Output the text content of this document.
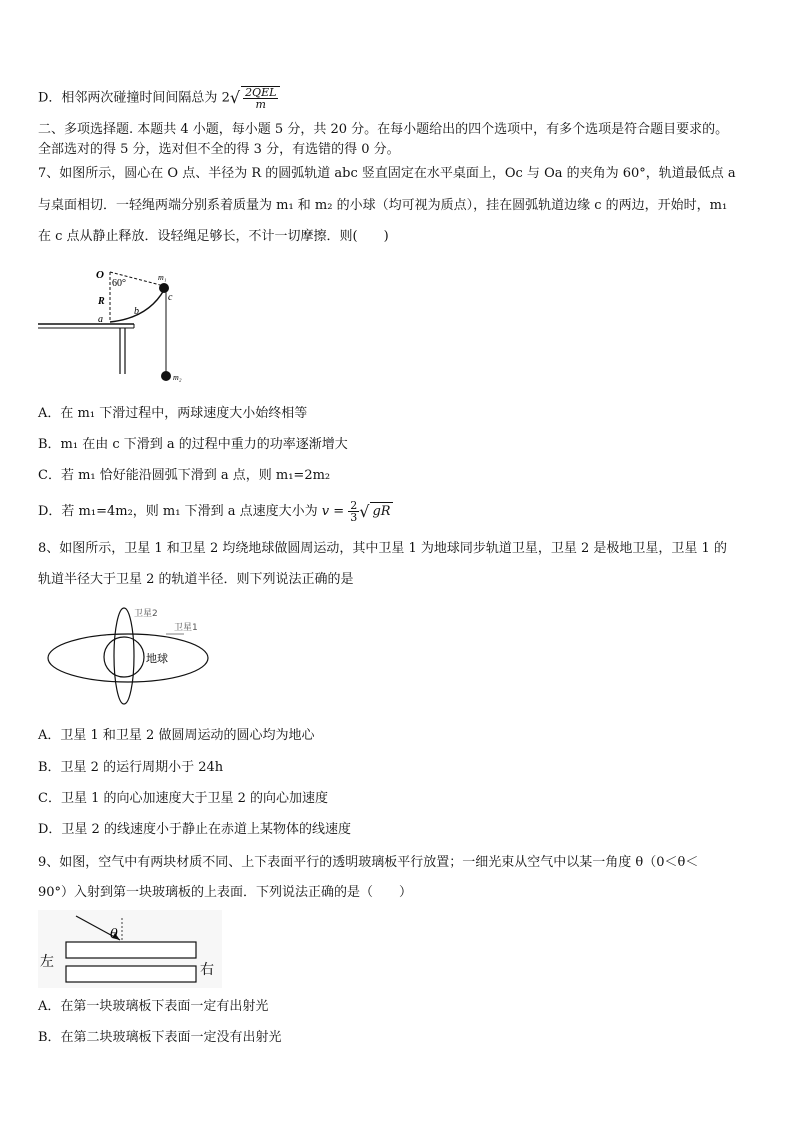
D．相邻两次碰撞时间间隔总为 $2√ \frac{\text{2QEL}}{m}$
二、多项选择题. 本题共 4 小题，每小题 5 分，共 20 分。在每小题给出的四个选项中，有多个选项是符合题目要求的。
全部选对的得 5 分，选对但不全的得 3 分，有选错的得 0 分。
7、如图所示，圆心在 O 点、半径为 R 的圆弧轨道 abc 竖直固定在水平桌面上，Oc 与 Oa 的夹角为 60°，轨道最低点 a
与桌面相切．一轻绳两端分别系着质量为 m₁ 和 m₂ 的小球（均可视为质点），挂在圆弧轨道边缘 c 的两边，开始时，m₁
在 c 点从静止释放．设轻绳足够长，不计一切摩擦．则(　　)
O
60°
R
a
b
c
m₁
m₂
A．在 m₁ 下滑过程中，两球速度大小始终相等
B．m₁ 在由 c 下滑到 a 的过程中重力的功率逐渐增大
C．若 m₁ 恰好能沿圆弧下滑到 a 点，则 m₁=2m₂
D．若 m₁=4m₂，则 m₁ 下滑到 a 点速度大小为 $v = \frac{2}{3}$ √ gR
8、如图所示，卫星 1 和卫星 2 均绕地球做圆周运动，其中卫星 1 为地球同步轨道卫星，卫星 2 是极地卫星，卫星 1 的
轨道半径大于卫星 2 的轨道半径．则下列说法正确的是
地球
卫星2
卫星1
A．卫星 1 和卫星 2 做圆周运动的圆心均为地心
B．卫星 2 的运行周期小于 24h
C．卫星 1 的向心加速度大于卫星 2 的向心加速度
D．卫星 2 的线速度小于静止在赤道上某物体的线速度
9、如图，空气中有两块材质不同、上下表面平行的透明玻璃板平行放置；一细光束从空气中以某一角度 θ（0＜θ＜
90°）入射到第一块玻璃板的上表面．下列说法正确的是（　　）
θ
左	右
A．在第一块玻璃板下表面一定有出射光
B．在第二块玻璃板下表面一定没有出射光
